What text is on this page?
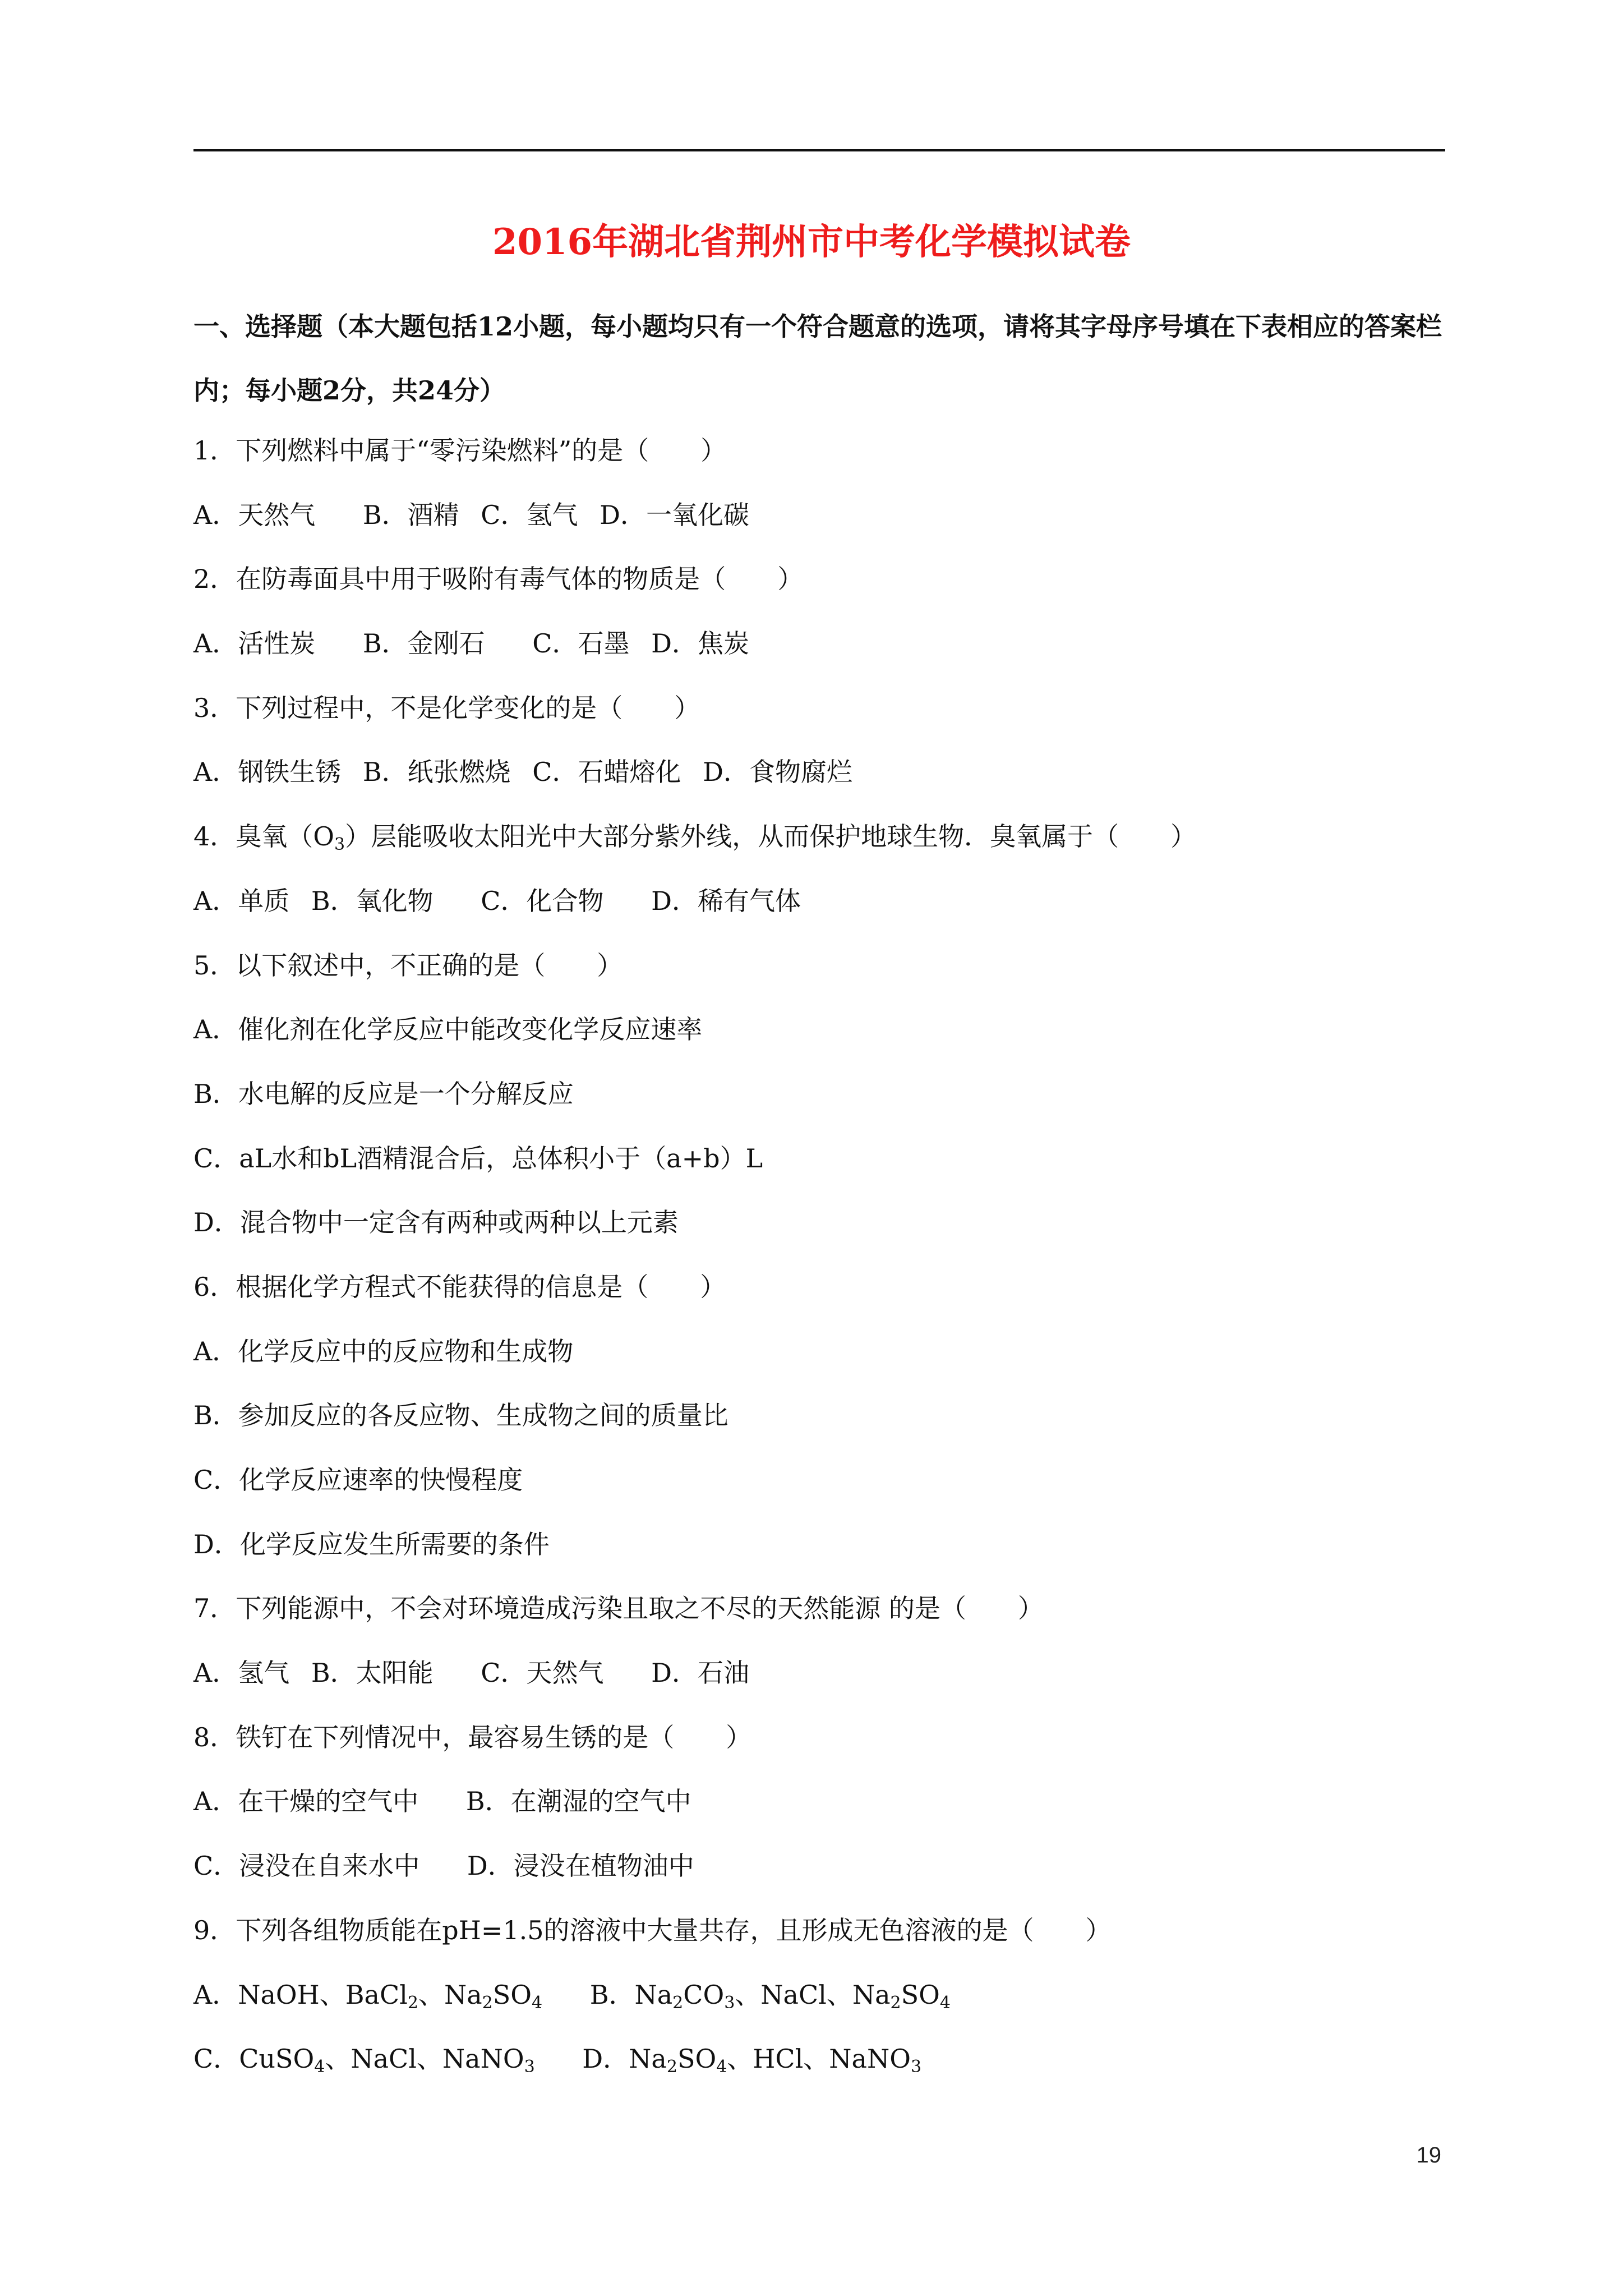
2016年湖北省荆州市中考化学模拟试卷
一、选择题（本大题包括12小题，每小题均只有一个符合题意的选项，请将其字母序号填在下表相应的答案栏内；每小题2分，共24分）
1．下列燃料中属于“零污染燃料”的是（　　）
A．天然气 B．酒精 C．氢气 D．一氧化碳
2．在防毒面具中用于吸附有毒气体的物质是（　　）
A．活性炭 B．金刚石 C．石墨 D．焦炭
3．下列过程中，不是化学变化的是（　　）
A．钢铁生锈 B．纸张燃烧 C．石蜡熔化 D．食物腐烂
4．臭氧$(O_3)$层能吸收太阳光中大部分紫外线，从而保护地球生物．臭氧属于（　　）
A．单质 B．氧化物 C．化合物 D．稀有气体
5．以下叙述中，不正确的是（　　）
A．催化剂在化学反应中能改变化学反应速率
B．水电解的反应是一个分解反应
C．aL水和bL酒精混合后，总体积小于（a+b）L
D．混合物中一定含有两种或两种以上元素
6．根据化学方程式不能获得的信息是（　　）
A．化学反应中的反应物和生成物
B．参加反应的各反应物、生成物之间的质量比
C．化学反应速率的快慢程度
D．化学反应发生所需要的条件
7．下列能源中，不会对环境造成污染且取之不尽的天然能源 的是（　　）
A．氢气 B．太阳能 C．天然气 D．石油
8．铁钉在下列情况中，最容易生锈的是（　　）
A．在干燥的空气中 B．在潮湿的空气中
C．浸没在自来水中 D．浸没在植物油中
9．下列各组物质能在pH=1.5的溶液中大量共存，且形成无色溶液的是（　　）
A．NaOH、BaCl$_2$、$Na_2SO_4$ B．$Na_2CO_3$、NaCl、$Na_2SO_4$
C．CuSO$_4$、NaCl、NaNO$_3$ D．$Na_2SO_4$、HCl、NaNO$_3$
19
